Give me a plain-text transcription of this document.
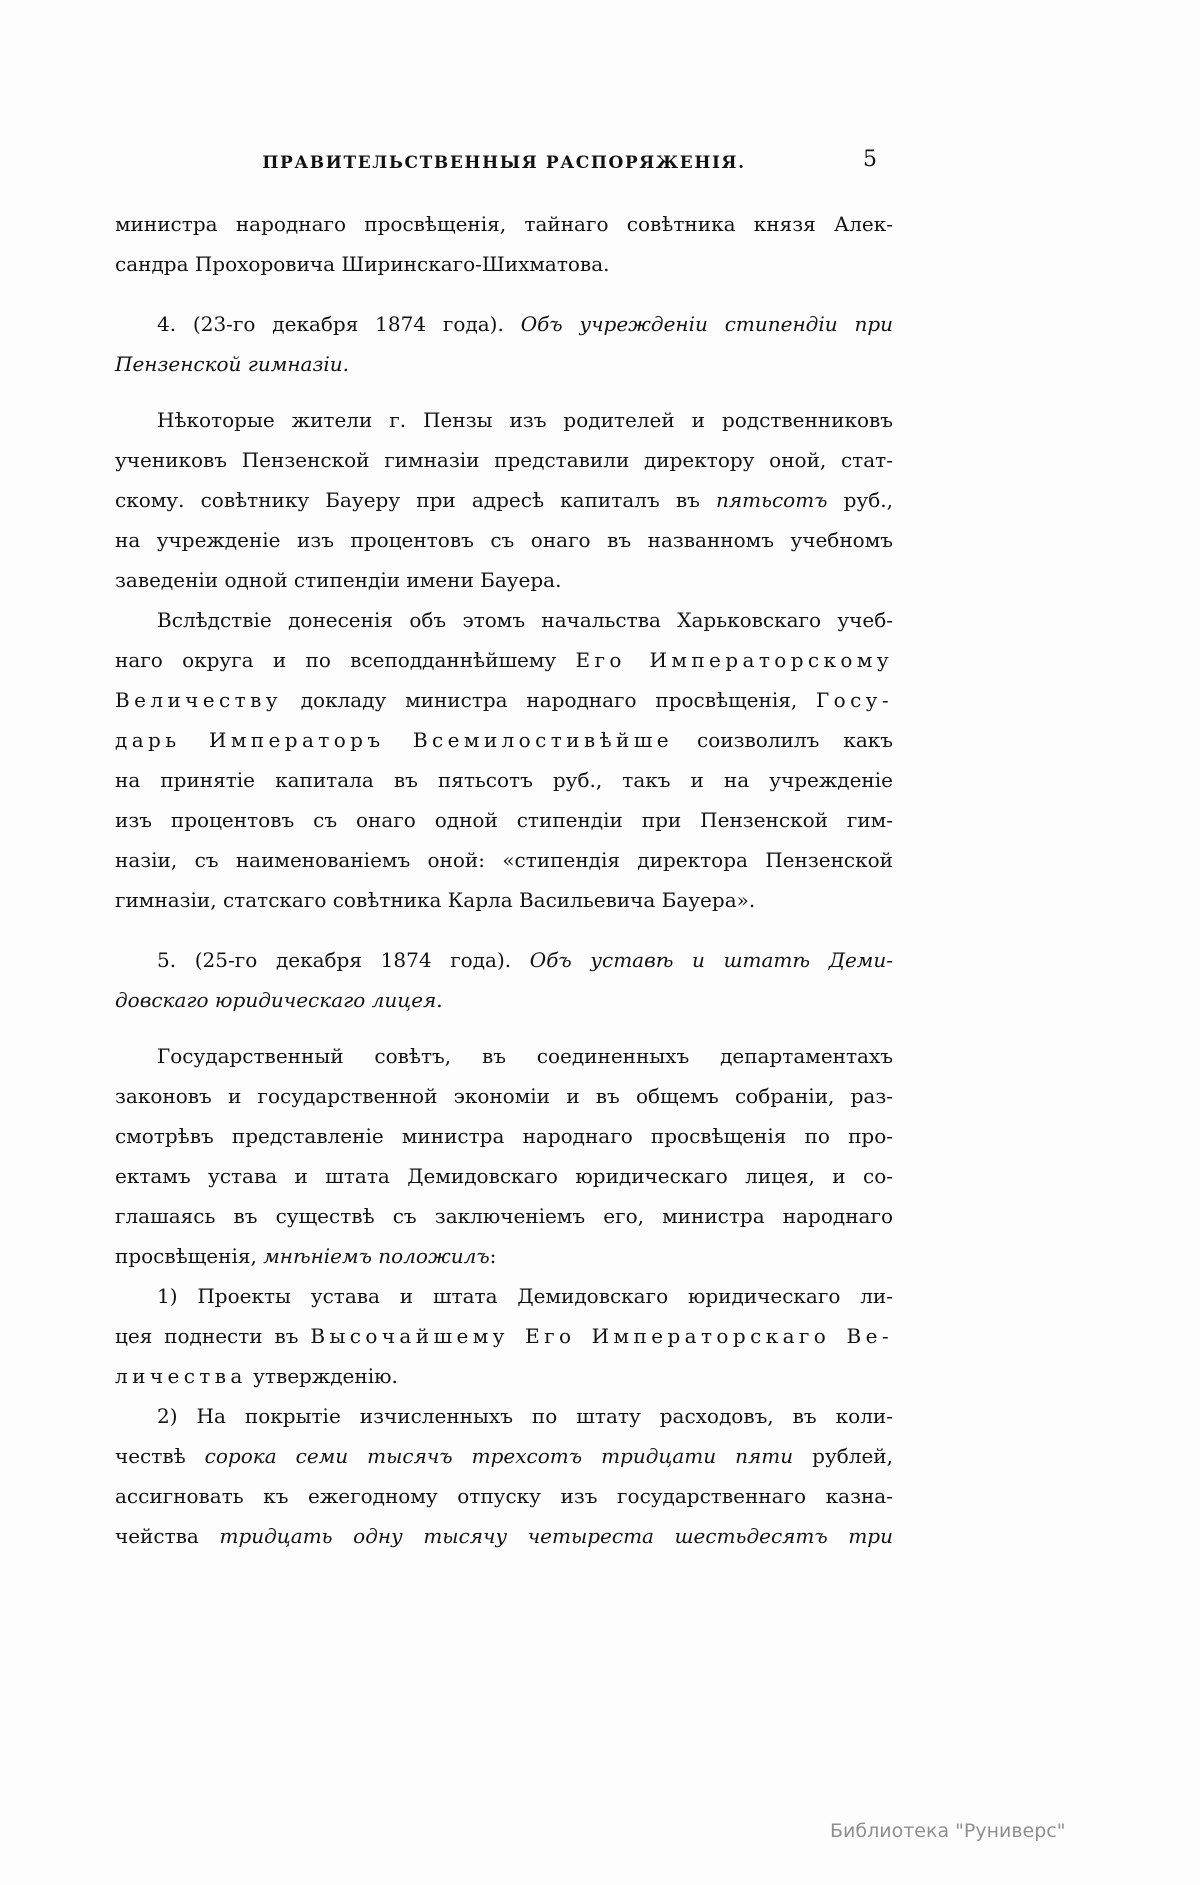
ПРАВИТЕЛЬСТВЕННЫЯ РАСПОРЯЖЕНІЯ.	5
министра народнаго просвѣщенія, тайнаго совѣтника князя Алек-
сандра Прохоровича Ширинскаго-Шихматова.
4. (23-го декабря 1874 года). Объ учрежденіи стипендіи при
Пензенской гимназіи.
Нѣкоторые жители г. Пензы изъ родителей и родственниковъ
учениковъ Пензенской гимназіи представили директору оной, стат-
скому. совѣтнику Бауеру при адресѣ капиталъ въ пятьсотъ руб.,
на учрежденіе изъ процентовъ съ онаго въ названномъ учебномъ
заведеніи одной стипендіи имени Бауера.
Вслѣдствіе донесенія объ этомъ начальства Харьковскаго учеб-
наго округа и по всеподданнѣйшему Его Императорскому
Величеству докладу министра народнаго просвѣщенія, Госу-
дарь Императоръ Всемилостивѣйше соизволилъ какъ
на принятіе капитала въ пятьсотъ руб., такъ и на учрежденіе
изъ процентовъ съ онаго одной стипендіи при Пензенской гим-
назіи, съ наименованіемъ оной: «стипендія директора Пензенской
гимназіи, статскаго совѣтника Карла Васильевича Бауера».
5. (25-го декабря 1874 года). Объ уставѣ и штатѣ Деми-
довскаго юридическаго лицея.
Государственный совѣтъ, въ соединенныхъ департаментахъ
законовъ и государственной экономіи и въ общемъ собраніи, раз-
смотрѣвъ представленіе министра народнаго просвѣщенія по про-
ектамъ устава и штата Демидовскаго юридическаго лицея, и со-
глашаясь въ существѣ съ заключеніемъ его, министра народнаго
просвѣщенія, мнѣніемъ положилъ:
1) Проекты устава и штата Демидовскаго юридическаго ли-
цея поднести въ Высочайшему Его Императорскаго Ве-
личества утвержденію.
2) На покрытіе изчисленныхъ по штату расходовъ, въ коли-
чествѣ сорока семи тысячъ трехсотъ тридцати пяти рублей,
ассигновать къ ежегодному отпуску изъ государственнаго казна-
чейства тридцать одну тысячу четыреста шестьдесятъ три
Библиотека "Руниверс"
